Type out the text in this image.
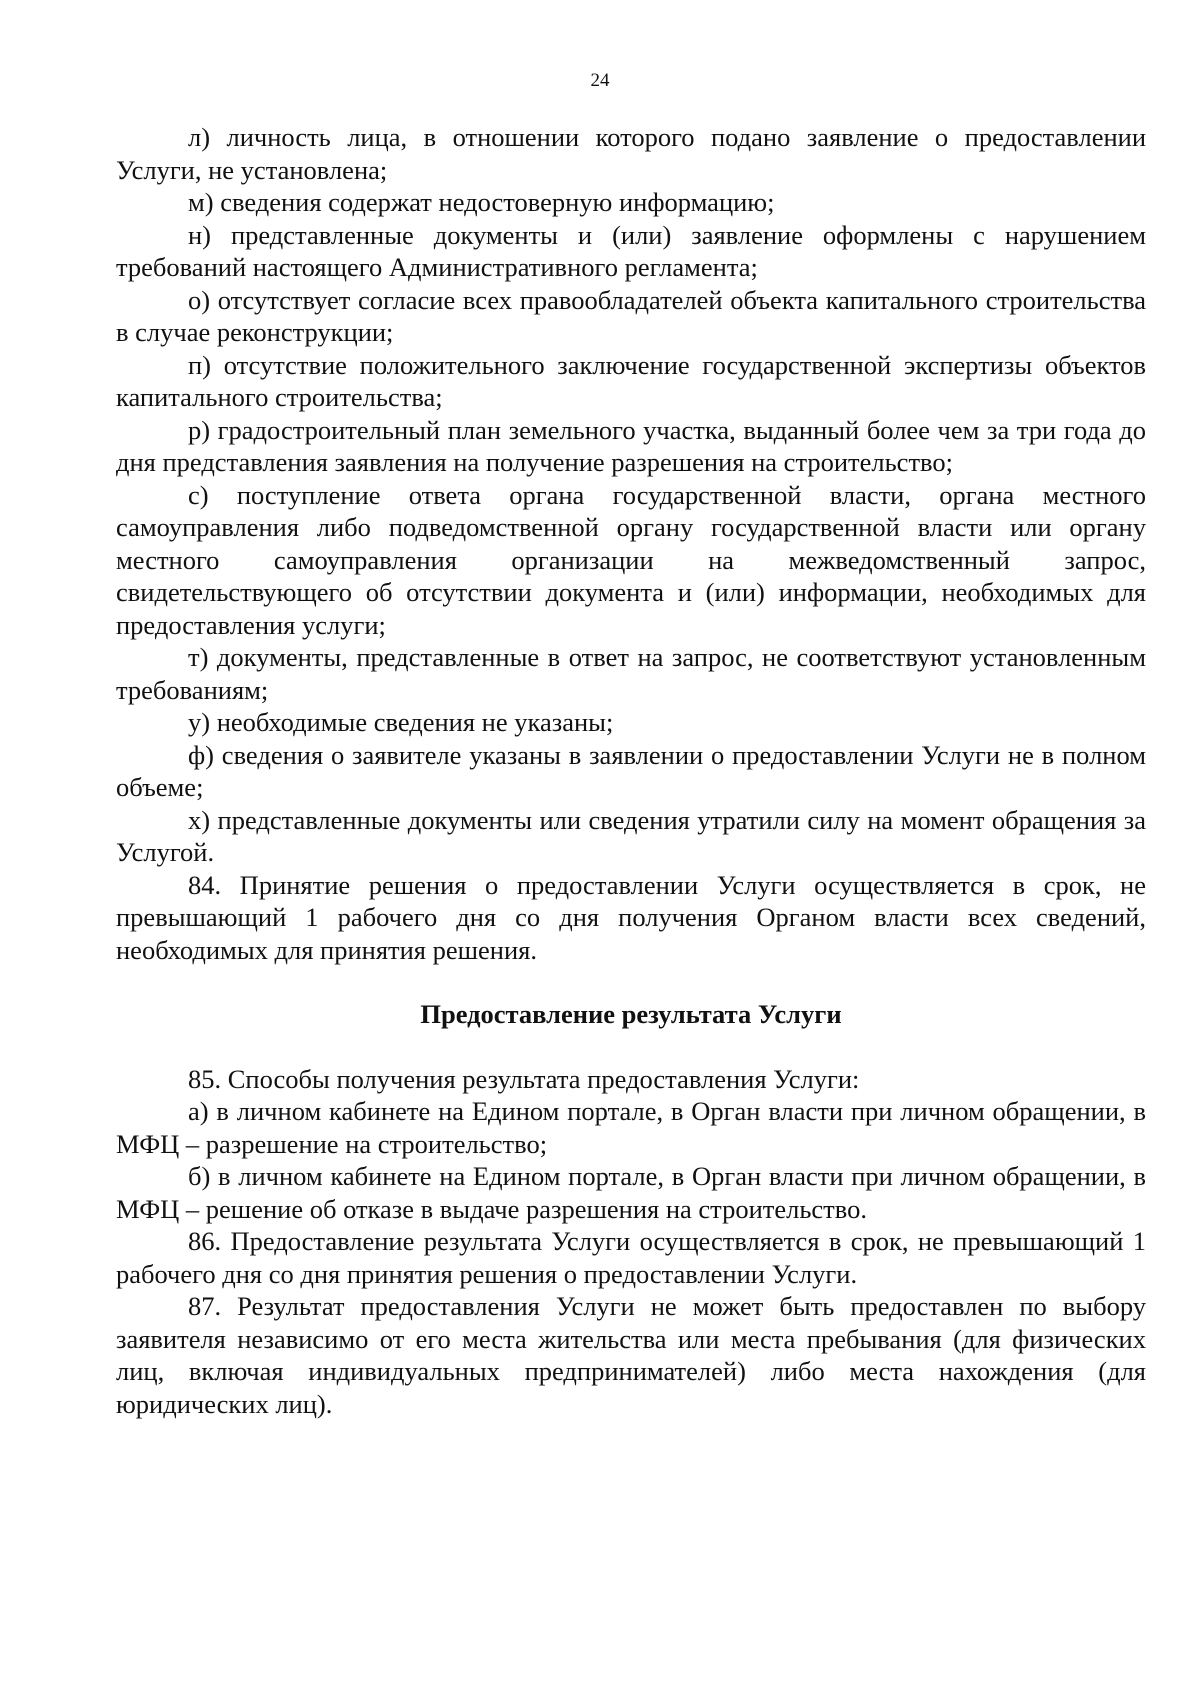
24

л) личность лица, в отношении которого подано заявление о предоставлении Услуги, не установлена;

м) сведения содержат недостоверную информацию;

н) представленные документы и (или) заявление оформлены с нарушением требований настоящего Административного регламента;

о) отсутствует согласие всех правообладателей объекта капитального строительства в случае реконструкции;

п) отсутствие положительного заключение государственной экспертизы объектов капитального строительства;

р) градостроительный план земельного участка, выданный более чем за три года до дня представления заявления на получение разрешения на строительство;

с) поступление ответа органа государственной власти, органа местного самоуправления либо подведомственной органу государственной власти или органу местного самоуправления организации на межведомственный запрос, свидетельствующего об отсутствии документа и (или) информации, необходимых для предоставления услуги;

т) документы, представленные в ответ на запрос, не соответствуют установленным требованиям;

у) необходимые сведения не указаны;

ф) сведения о заявителе указаны в заявлении о предоставлении Услуги не в полном объеме;

х) представленные документы или сведения утратили силу на момент обращения за Услугой.

84. Принятие решения о предоставлении Услуги осуществляется в срок, не превышающий 1 рабочего дня со дня получения Органом власти всех сведений, необходимых для принятия решения.

Предоставление результата Услуги

85. Способы получения результата предоставления Услуги:

а) в личном кабинете на Едином портале, в Орган власти при личном обращении, в МФЦ – разрешение на строительство;

б) в личном кабинете на Едином портале, в Орган власти при личном обращении, в МФЦ – решение об отказе в выдаче разрешения на строительство.

86. Предоставление результата Услуги осуществляется в срок, не превышающий 1 рабочего дня со дня принятия решения о предоставлении Услуги.

87. Результат предоставления Услуги не может быть предоставлен по выбору заявителя независимо от его места жительства или места пребывания (для физических лиц, включая индивидуальных предпринимателей) либо места нахождения (для юридических лиц).
